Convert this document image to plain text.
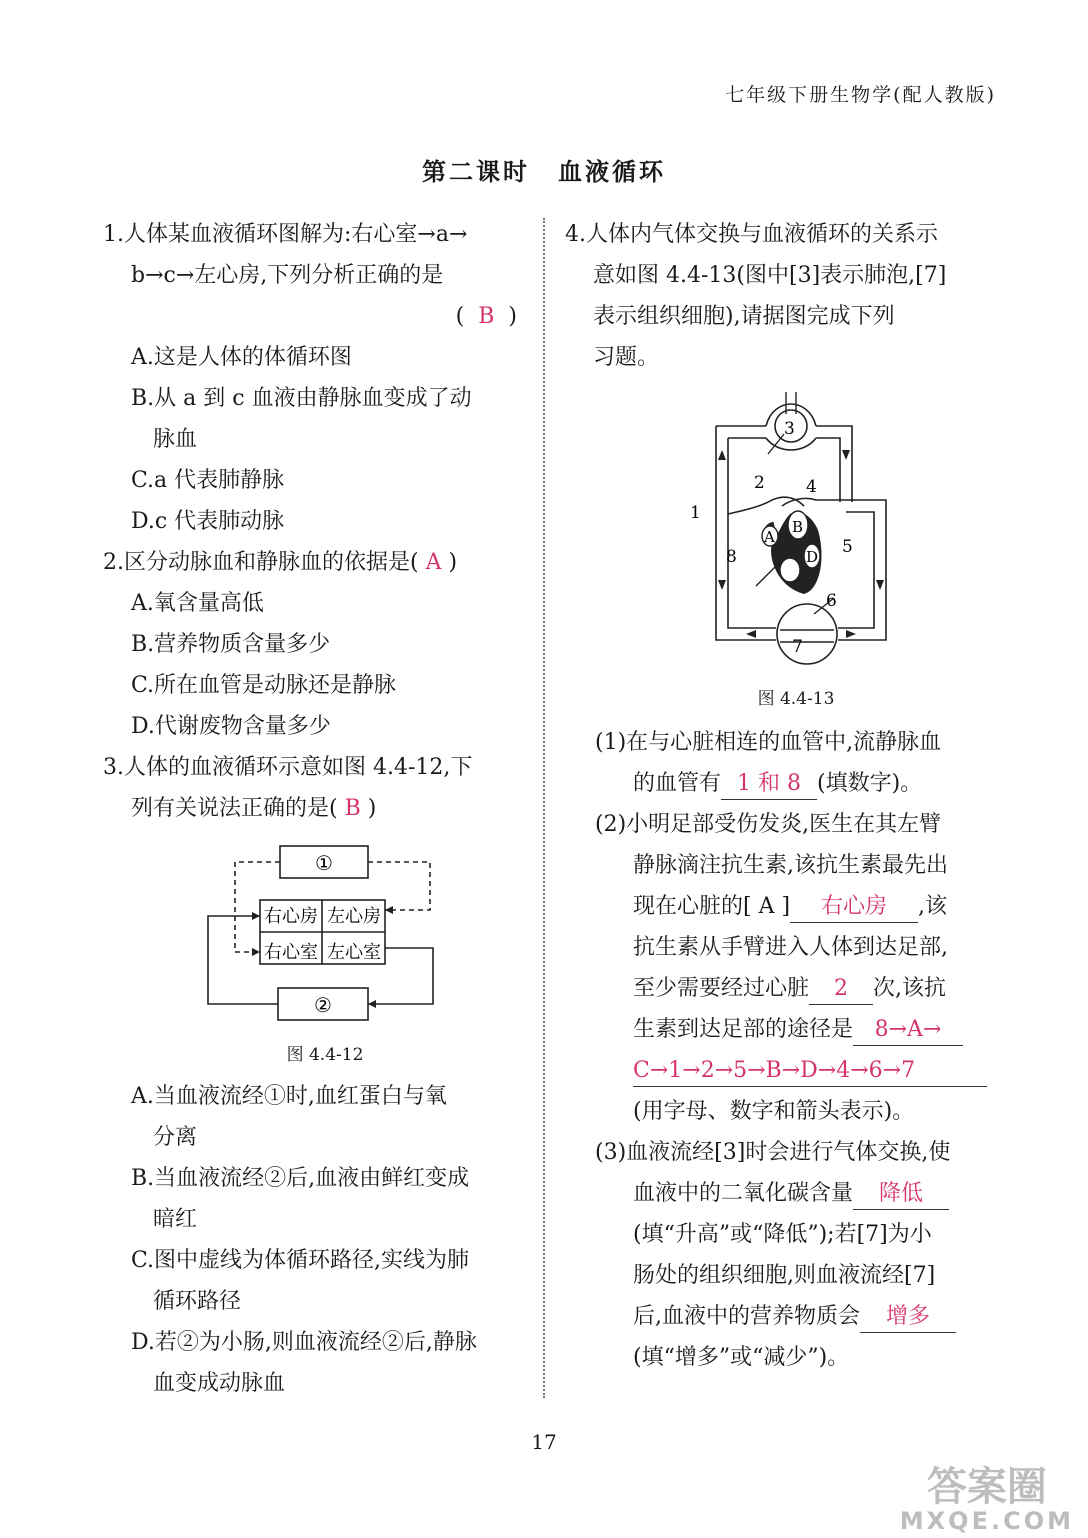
七年级下册生物学(配人教版)
第二课时 血液循环
1.人体某血液循环图解为:右心室→a→
b→c→左心房,下列分析正确的是
(  B  )
A.这是人体的体循环图
B.从 a 到 c 血液由静脉血变成了动
脉血
C.a 代表肺静脉
D.c 代表肺动脉
2.区分动脉血和静脉血的依据是( A )
A.氧含量高低
B.营养物质含量多少
C.所在血管是动脉还是静脉
D.代谢废物含量多少
3.人体的血液循环示意如图 4.4-12,下
列有关说法正确的是( B )
①
②
右心房 左心房
右心室 左心室
图 4.4-12
A.当血液流经①时,血红蛋白与氧
分离
B.当血液流经②后,血液由鲜红变成
暗红
C.图中虚线为体循环路径,实线为肺
循环路径
D.若②为小肠,则血液流经②后,静脉
血变成动脉血
4.人体内气体交换与血液循环的关系示
意如图 4.4-13(图中[3]表示肺泡,[7]
表示组织细胞),请据图完成下列
习题。
1
2
3
4
5
6
7
8
A
B
C
D
图 4.4-13
(1)在与心脏相连的血管中,流静脉血
的血管有 1 和 8 (填数字)。
(2)小明足部受伤发炎,医生在其左臂
静脉滴注抗生素,该抗生素最先出
现在心脏的[ A ] 右心房 ,该
抗生素从手臂进入人体到达足部,
至少需要经过心脏 2 次,该抗
生素到达足部的途径是 8→A→
C→1→2→5→B→D→4→6→7
(用字母、数字和箭头表示)。
(3)血液流经[3]时会进行气体交换,使
血液中的二氧化碳含量 降低
(填“升高”或“降低”);若[7]为小
肠处的组织细胞,则血液流经[7]
后,血液中的营养物质会 增多
(填“增多”或“减少”)。
17
答案圈
MXQE.COM
